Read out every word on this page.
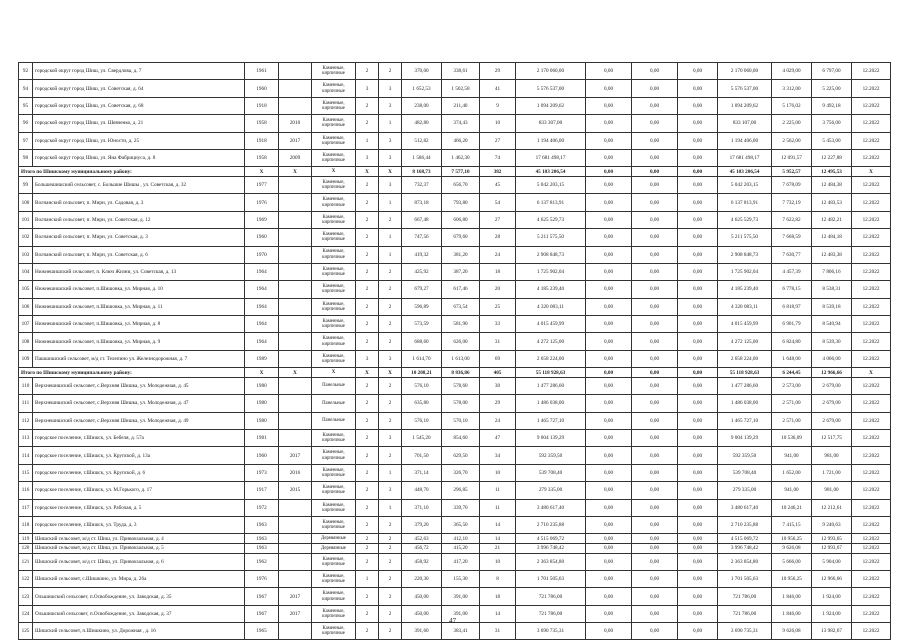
92	городской округ город Шиш, ул. Свердлова, д. 7	1961		Каменные, кирпичные	2	2	370,00	338,61	29	2 170 060,00	0,00	0,00	0,00	2 170 060,00	4 029,00	6 797,00	12.2022
94	городской округ город Шиш, ул. Советская, д. 64	1960		Каменные, кирпичные	3	3	1 652,53	1 502,58	41	5 576 537,00	0,00	0,00	0,00	5 576 537,00	3 312,00	5 225,00	12.2022
95	городской округ город Шиш, ул. Советская, д. 68	1918		Каменные, кирпичные	2	3	238,00	211,40	9	1 094 209,62	0,00	0,00	0,00	1 094 209,62	5 176,02	9 492,18	12.2022
96	городской округ город Шиш, ул. Шевченко, д. 21	1958	2010	Каменные, кирпичные	2	1	482,80	374,43	10	833 307,00	0,00	0,00	0,00	833 107,00	2 225,00	3 756,00	12.2022
97	городской округ город Шиш, ул. Юности, д. 25	1918	2017	Каменные, кирпичные	1	3	512,82	466,20	27	1 194 406,00	0,00	0,00	0,00	1 194 406,00	2 562,00	5 453,00	12.2022
98	городской округ город Шиш, ул. Яна Фабрициуса, д. 8	1958	2009	Каменные, кирпичные	3	3	1 586,44	1 462,30	74	17 681 498,17	0,00	0,00	0,00	17 681 498,17	12 091,57	12 227,88	12.2022
Итого по Шишскому муниципальному району:		X	X	X	X	X	8 168,73	7 577,10	382	45 103 206,54	0,00	0,00	0,00	45 103 206,54	5 952,57	12 495,53	X
99	Большешишский сельсовет, с. Большие Шишы , ул. Советская, д. 32	1977		Каменные, кирпичные	2	3	732,37	656,70	45	5 042 203,15	0,00	0,00	0,00	5 042 203,15	7 678,09	12 484,38	12.2022
100	Волчанский сельсовет, п. Мирн, ул. Садовая, д. 3	1976		Каменные, кирпичные	2	1	873,18	793,80	54	6 137 813,91	0,00	0,00	0,00	6 137 813,91	7 732,19	12 483,53	12.2022
101	Волчанский сельсовет, п. Мирн, ул. Советская, д. 12	1969		Каменные, кирпичные	2	2	667,48	606,80	27	4 625 529,73	0,00	0,00	0,00	4 625 529,73	7 622,82	12 482,21	12.2022
102	Волчанский сельсовет, п. Мирн, ул. Советская, д. 3	1960		Каменные, кирпичные	2	1	747,56	679,60	28	5 211 575,50	0,00	0,00	0,00	5 211 575,50	7 668,59	12 484,18	12.2022
103	Волчанский сельсовет, п. Мирн, ул. Советская, д. 6	1970		Каменные, кирпичные	2	1	419,32	381,20	24	2 908 848,73	0,00	0,00	0,00	2 908 848,73	7 630,77	12 483,38	12.2022
104	Нижнешишский сельсовет, п. Ключ Жизни, ул. Советская, д. 13	1964		Каменные, кирпичные	2	2	425,92	387,20	18	1 725 902,04	0,00	0,00	0,00	1 725 902,04	4 457,39	7 806,16	12.2022
105	Нижнешишский сельсовет, п.Шишовка, ул. Мирная, д. 10	1964		Каменные, кирпичные	2	2	679,27	617,46	20	4 185 239,40	0,00	0,00	0,00	4 185 239,40	6 778,15	8 538,31	12.2022
106	Нижнешишский сельсовет, п.Шишовка, ул. Мирная, д. 11	1964		Каменные, кирпичные	2	2	596,89	673,54	25	4 320 083,11	0,00	0,00	0,00	4 320 083,11	6 818,97	8 539,18	12.2022
107	Нижнешишский сельсовет, п.Шишовка, ул. Мирная, д. 8	1964		Каменные, кирпичные	2	2	573,59	581,90	33	4 015 459,99	0,00	0,00	0,00	4 015 459,99	6 901,79	8 540,94	12.2022
108	Нижнешишский сельсовет, п.Шишовка, ул. Мирная, д. 9	1964		Каменные, кирпичные	2	2	688,60	626,00	31	4 272 125,00	0,00	0,00	0,00	4 272 125,00	6 824,80	8 539,30	12.2022
109	Пашшишский сельсовет, м/д ст. Телепино ул. Железнодорожная, д. 7	1989		Каменные, кирпичные	3	3	1 614,70	1 613,00	69	2 658 224,00	0,00	0,00	0,00	2 658 224,00	1 648,00	4 066,00	12.2022
Итого по Шишскому муниципальному району:		X	X	X	X	X	10 208,21	8 836,86	405	55 118 928,63	0,00	0,00	0,00	55 118 928,63	6 244,45	12 966,66	X
110	Верхнешишский сельсовет, с.Верхняя Шишка, ул. Молодежная, д. 45	1980		Панельные	2	2	576,10	578,60	30	1 477 286,60	0,00	0,00	0,00	1 477 286,60	2 573,00	2 679,00	12.2022
111	Верхнешишский сельсовет, с.Верхняя Шишка, ул. Молодежная, д. 47	1980		Панельные	2	2	635,80	578,00	29	1 486 038,00	0,00	0,00	0,00	1 486 038,00	2 571,00	2 679,00	12.2022
112	Верхнешишский сельсовет, с.Верхняя Шишка, ул. Молодежная, д. 49	1980		Панельные	2	2	576,10	570,10	24	1 465 727,10	0,00	0,00	0,00	1 465 727,10	2 571,00	2 679,00	12.2022
113	городское поселение, г.Шишск, ул. Бебеля, д. 57а	1981		Каменные, кирпичные	2	3	1 545,20	854,60	47	9 004 139,29	0,00	0,00	0,00	9 004 139,29	10 536,09	12 517,75	12.2022
114	городское поселение, г.Шишск, ул. Крупской, д. 13а	1960	2017	Каменные, кирпичные	2	2	701,50	629,50	34	592 359,50	0,00	0,00	0,00	592 359,50	941,00	981,00	12.2022
115	городское поселение, г.Шишск, ул. Крупской, д. 6	1973	2016	Каменные, кирпичные	2	1	371,14	326,70	10	539 708,40	0,00	0,00	0,00	539 708,40	1 652,00	1 721,00	12.2022
116	городское поселение, г.Шишск, ул. М.Горького, д. 17	1917	2015	Каменные, кирпичные	2	3	448,70	296,85	11	279 335,00	0,00	0,00	0,00	279 335,00	941,00	981,00	12.2022
117	городское поселение, г.Шишск, ул. Рабочая, д. 5	1972		Каменные, кирпичные	2	1	371,10	339,70	11	3 480 617,40	0,00	0,00	0,00	3 480 617,40	10 246,21	12 212,61	12.2022
118	городское поселение, г.Шишск, ул. Труда, д. 3	1963		Каменные, кирпичные	2	2	379,20	365,50	14	2 710 235,88	0,00	0,00	0,00	2 710 235,88	7 415,15	9 240,63	12.2022
119	Шишский сельсовет, м/д ст. Шиш, ул. Привокзальная, д. 4	1963		Деревянные	2	2	452,63	412,10	14	4 515 069,72	0,00	0,00	0,00	4 515 069,72	10 956,25	12 993,65	12.2022
120	Шишский сельсовет, м/д ст. Шиш, ул. Привокзальная, д. 5	1963		Деревянные	2	2	456,72	415,20	21	3 996 748,42	0,00	0,00	0,00	3 996 748,42	9 626,08	12 993,67	12.2022
121	Шишский сельсовет, м/д ст. Шиш, ул. Привокзальная, д. 6	1962		Каменные, кирпичные	2	2	458,92	417,20	10	2 363 854,80	0,00	0,00	0,00	2 363 854,80	5 666,00	5 904,00	12.2022
122	Шишский сельсовет, с.Шишкино, ул. Мира, д. 26а	1976		Каменные, кирпичные	1	2	220,30	155,30	8	1 701 505,63	0,00	0,00	0,00	1 701 505,63	10 956,25	12 966,66	12.2022
123	Ольшишский сельсовет, п.Освобождение, ул. Заводская, д. 35	1967	2017	Каменные, кирпичные	2	2	450,00	391,00	18	721 786,00	0,00	0,00	0,00	721 786,00	1 846,00	1 924,00	12.2022
124	Ольшишский сельсовет, п.Освобождение, ул. Заводская, д. 37	1967	2017	Каменные, кирпичные	2	2	450,00	391,00	14	721 786,00	0,00	0,00	0,00	721 786,00	1 846,00	1 924,00	12.2022
125	Шишский сельсовет, п.Шишкино, ул. Дорожная , д. 16	1965		Каменные, кирпичные	2	2	391,60	383,41	31	3 690 735,31	0,00	0,00	0,00	3 690 735,31	9 626,08	13 982,67	12.2022
47
